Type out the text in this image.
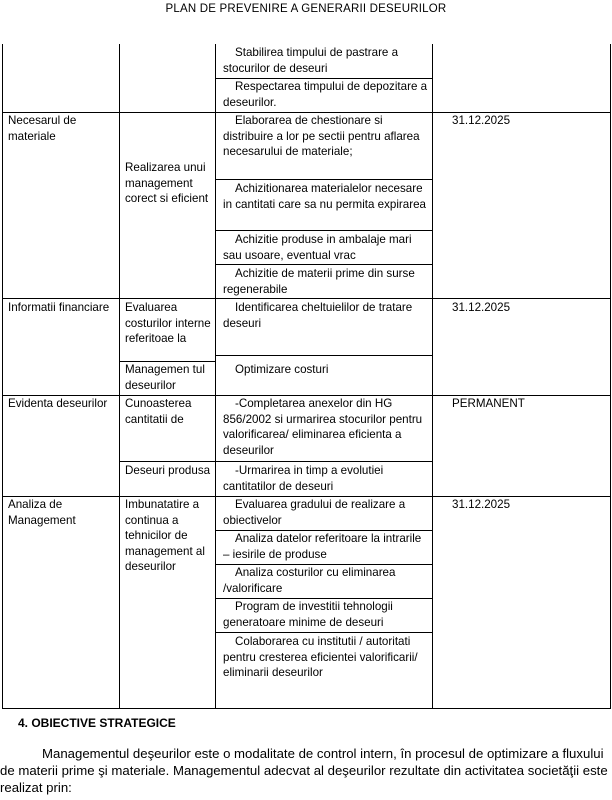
PLAN DE PREVENIRE A GENERARII DESEURILOR
Stabilirea timpului de pastrare a stocurilor de deseuri
Respectarea timpului de depozitare a deseurilor.
Necesarul de materiale
Realizarea unui management corect si eficient
Elaborarea de chestionare si distribuire a lor pe sectii pentru aflarea necesarului de materiale;
Achizitionarea materialelor necesare in cantitati care sa nu permita expirarea
Achizitie produse in ambalaje mari sau usoare, eventual vrac
Achizitie de materii prime din surse regenerabile
31.12.2025
Informatii financiare	Evaluarea costurilor interne referitoae la
Managemen tul deseurilor
Identificarea cheltuielilor de tratare deseuri
Optimizare costuri
31.12.2025
Evidenta deseurilor	Cunoasterea cantitatii de
Deseuri produsa
-Completarea anexelor din HG 856/2002 si urmarirea stocurilor pentru valorificarea/ eliminarea eficienta a deseurilor
-Urmarirea in timp a evolutiei cantitatilor de deseuri
PERMANENT
Analiza de Management
Imbunatatire a continua a tehnicilor de management al deseurilor
Evaluarea gradului de realizare a obiectivelor
Analiza datelor referitoare la intrarile – iesirile de produse
Analiza costurilor cu eliminarea /valorificare
Program de investitii tehnologii generatoare minime de deseuri
Colaborarea cu institutii / autoritati pentru cresterea eficientei valorificarii/ eliminarii deseurilor
31.12.2025
4. OBIECTIVE STRATEGICE
Managementul deşeurilor este o modalitate de control intern, în procesul de optimizare a fluxului de materii prime şi materiale. Managementul adecvat al deşeurilor rezultate din activitatea societăţii este realizat prin:
